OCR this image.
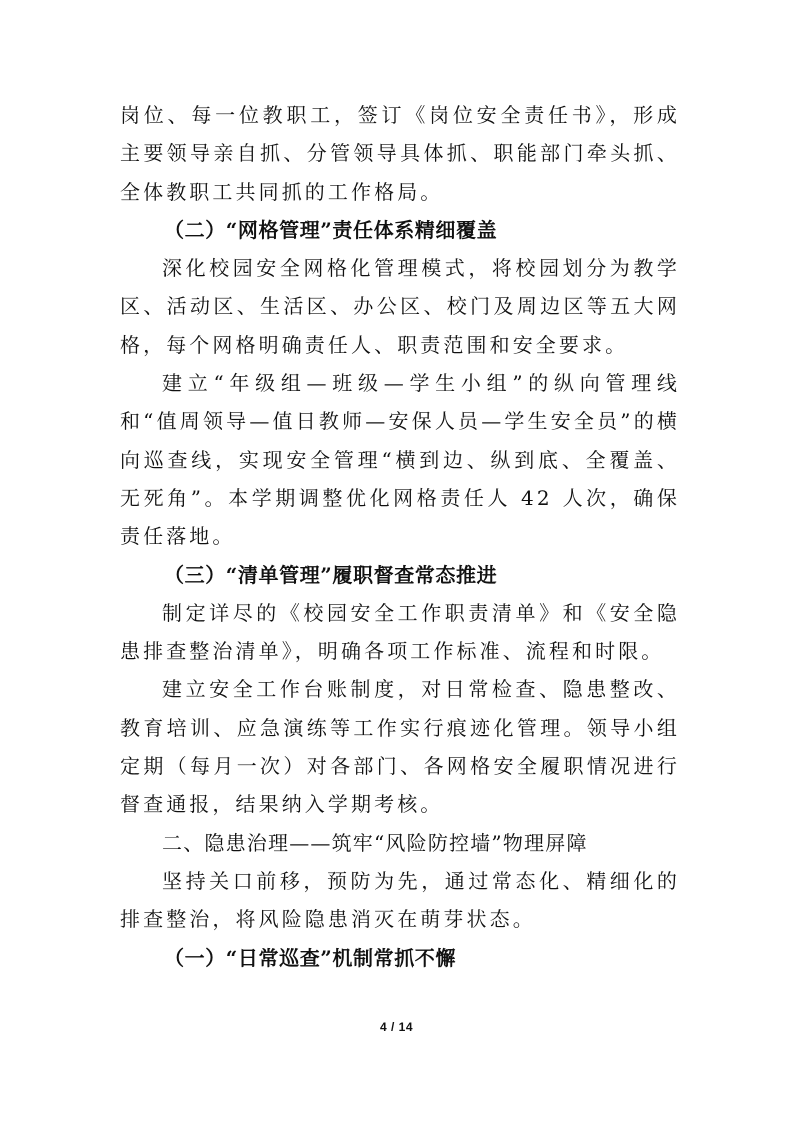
岗位、每一位教职工，签订《岗位安全责任书》，形成主要领导亲自抓、分管领导具体抓、职能部门牵头抓、全体教职工共同抓的工作格局。

（二）“网格管理”责任体系精细覆盖

深化校园安全网格化管理模式，将校园划分为教学区、活动区、生活区、办公区、校门及周边区等五大网格，每个网格明确责任人、职责范围和安全要求。

建立“年级组—班级—学生小组”的纵向管理线和“值周领导—值日教师—安保人员—学生安全员”的横向巡查线，实现安全管理“横到边、纵到底、全覆盖、无死角”。本学期调整优化网格责任人 42 人次，确保责任落地。

（三）“清单管理”履职督查常态推进

制定详尽的《校园安全工作职责清单》和《安全隐患排查整治清单》，明确各项工作标准、流程和时限。

建立安全工作台账制度，对日常检查、隐患整改、教育培训、应急演练等工作实行痕迹化管理。领导小组定期（每月一次）对各部门、各网格安全履职情况进行督查通报，结果纳入学期考核。

二、隐患治理——筑牢“风险防控墙”物理屏障

坚持关口前移，预防为先，通过常态化、精细化的排查整治，将风险隐患消灭在萌芽状态。

（一）“日常巡查”机制常抓不懈

4 / 14
